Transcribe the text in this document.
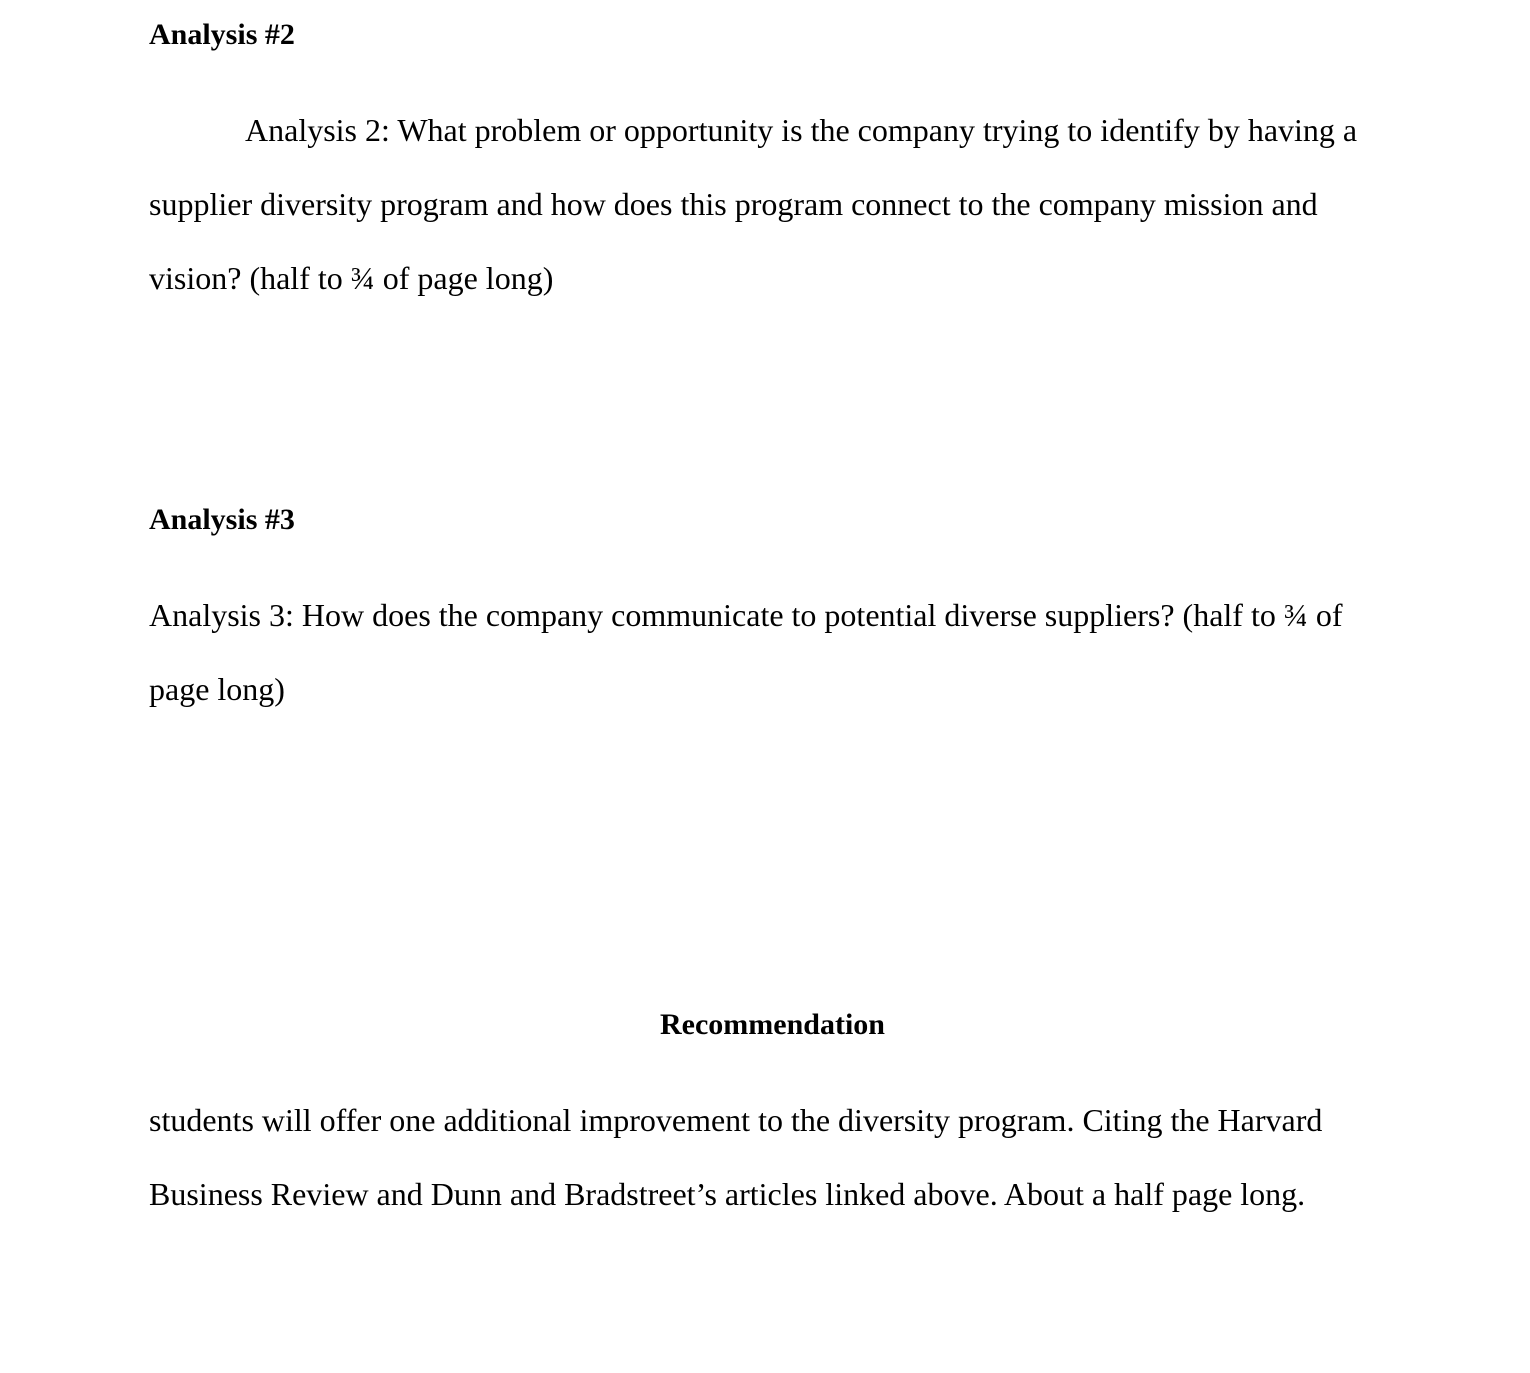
Analysis #2
Analysis 2: What problem or opportunity is the company trying to identify by having a
supplier diversity program and how does this program connect to the company mission and
vision? (half to ¾ of page long)
Analysis #3
Analysis 3: How does the company communicate to potential diverse suppliers? (half to ¾ of
page long)
Recommendation
students will offer one additional improvement to the diversity program. Citing the Harvard
Business Review and Dunn and Bradstreet’s articles linked above. About a half page long.
